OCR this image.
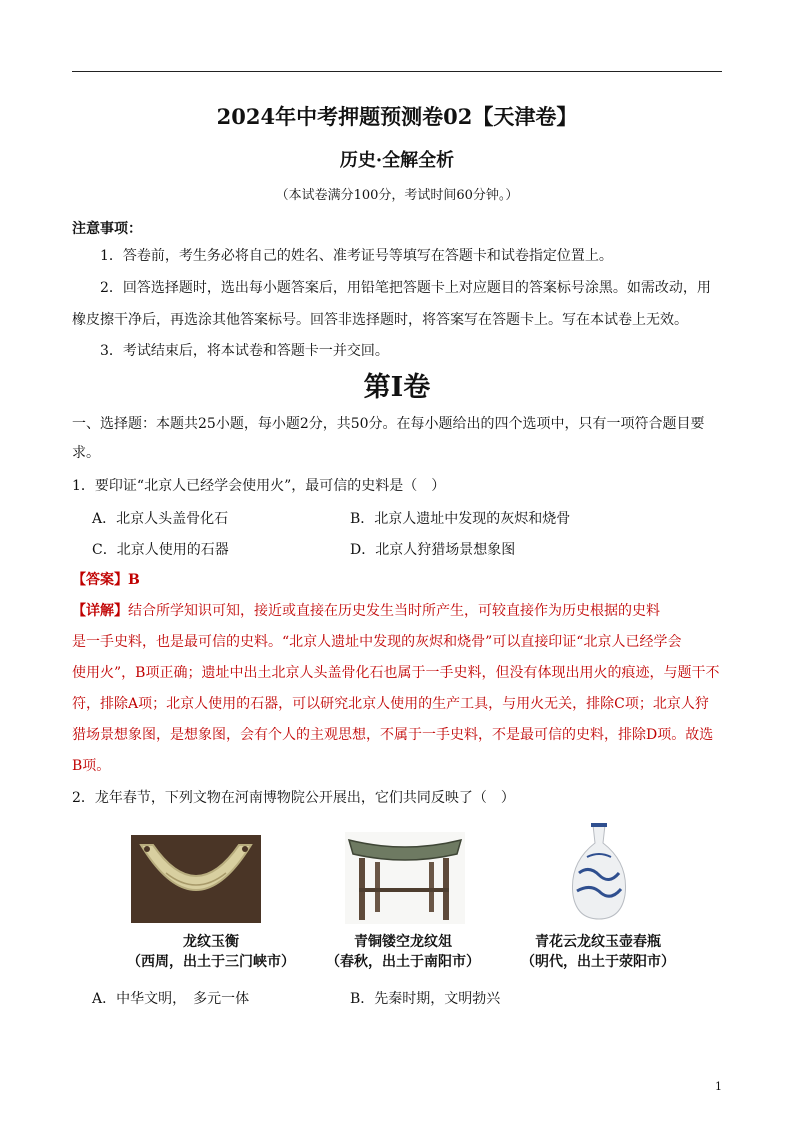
2024年中考押题预测卷02【天津卷】
历史·全解全析
（本试卷满分100分，考试时间60分钟。）
注意事项：
1．答卷前，考生务必将自己的姓名、准考证号等填写在答题卡和试卷指定位置上。
2．回答选择题时，选出每小题答案后，用铅笔把答题卡上对应题目的答案标号涂黑。如需改动，用
橡皮擦干净后，再选涂其他答案标号。回答非选择题时，将答案写在答题卡上。写在本试卷上无效。
3．考试结束后，将本试卷和答题卡一并交回。
第Ⅰ卷
一、选择题：本题共25小题，每小题2分，共50分。在每小题给出的四个选项中，只有一项符合题目要
求。
1．要印证“北京人已经学会使用火”，最可信的史料是（　）
A．北京人头盖骨化石	B．北京人遗址中发现的灰烬和烧骨
C．北京人使用的石器	D．北京人狩猎场景想象图
【答案】B
【详解】结合所学知识可知，接近或直接在历史发生当时所产生，可较直接作为历史根据的史料
是一手史料，也是最可信的史料。“北京人遗址中发现的灰烬和烧骨”可以直接印证“北京人已经学会
使用火”，B项正确；遗址中出土北京人头盖骨化石也属于一手史料，但没有体现出用火的痕迹，与题干不
符，排除A项；北京人使用的石器，可以研究北京人使用的生产工具，与用火无关，排除C项；北京人狩
猎场景想象图，是想象图，会有个人的主观思想，不属于一手史料，不是最可信的史料，排除D项。故选
B项。
2．龙年春节，下列文物在河南博物院公开展出，它们共同反映了（　）
龙纹玉衡
（西周，出土于三门峡市）
青铜镂空龙纹俎
（春秋，出土于南阳市）
青花云龙纹玉壶春瓶
（明代，出土于荥阳市）
A．中华文明，　多元一体	B．先秦时期，文明勃兴
1
